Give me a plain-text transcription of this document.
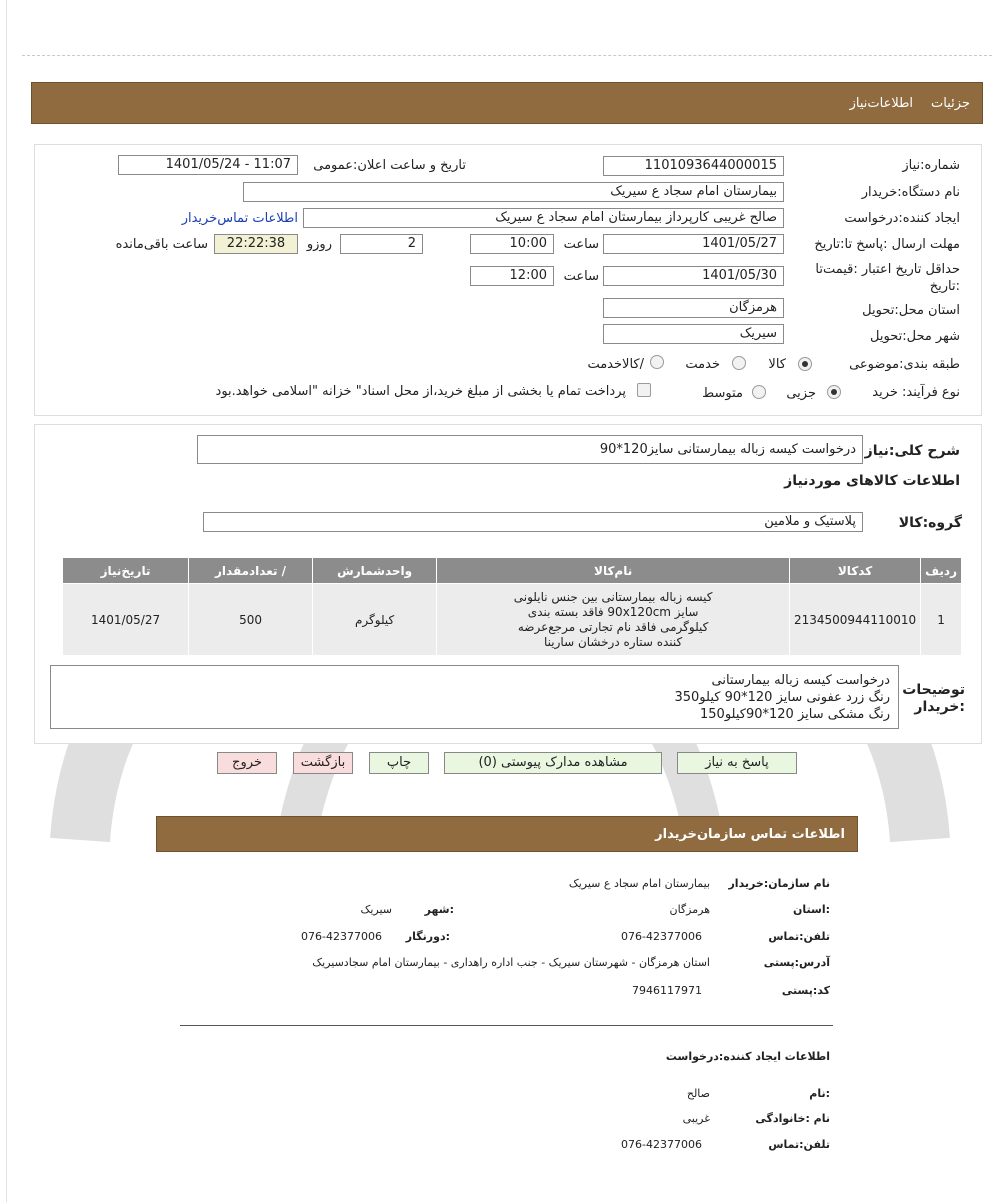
جزئیات
اطلاعات‌نیاز
شماره:نیاز
1101093644000015
تاریخ و ساعت اعلان:عمومی
1401/05/24 - 11:07
نام دستگاه:خریدار
بیمارستان امام سجاد ع سیریک
ایجاد کننده:درخواست
صالح غریبی کارپرداز بیمارستان امام سجاد ع سیریک
اطلاعات تماس‌خریدار
مهلت ارسال :پاسخ تا:تاریخ
1401/05/27
ساعت
10:00
2
روزو
22:22:38
ساعت باقی‌مانده
حداقل تاریخ اعتبار :قیمت‌تا
:تاریخ
1401/05/30
ساعت
12:00
استان محل:تحویل
هرمزگان
شهر محل:تحویل
سیریک
طبقه بندی:موضوعی
کالا
خدمت
/کالاخدمت
نوع فرآیند: خرید
جزیی
متوسط
پرداخت تمام یا بخشی از مبلغ خرید،از محل اسناد" خزانه "اسلامی خواهد.بود
شرح کلی:نیاز
درخواست کیسه زباله بیمارستانی سایز120*90
اطلاعات کالاهای موردنیاز
گروه:کالا
پلاستیک و ملامین
ردیف	کدکالا	نام‌کالا	واحدشمارش	/ تعدادمقدار	تاریخ‌نیاز
1	2134500944110010	کیسه زباله بیمارستانی بین جنس نایلونی
سایز 90x120cm فاقد بسته بندی
کیلوگرمی فاقد نام تجارتی مرجع‌عرضه
کننده ستاره درخشان سارینا	کیلوگرم	500	1401/05/27
توضیحات
:خریدار
درخواست کیسه زباله بیمارستانی
رنگ زرد عفونی سایز 120*90 کیلو350
رنگ مشکی سایز 120*90کیلو150
پاسخ به نیاز
مشاهده مدارک پیوستی (0)
چاپ
بازگشت
خروج
اطلاعات تماس سازمان‌خریدار
نام سازمان:خریدار
بیمارستان امام سجاد ع سیریک
:استان
هرمزگان
:شهر
سیریک
تلفن:تماس
076-42377006
:دورنگار
076-42377006
آدرس:پستی
استان هرمزگان - شهرستان سیریک - جنب اداره راهداری - بیمارستان امام سجادسیریک
کد:پستی
7946117971
اطلاعات ایجاد کننده:درخواست
:نام
صالح
نام :خانوادگی
غریبی
تلفن:تماس
076-42377006
